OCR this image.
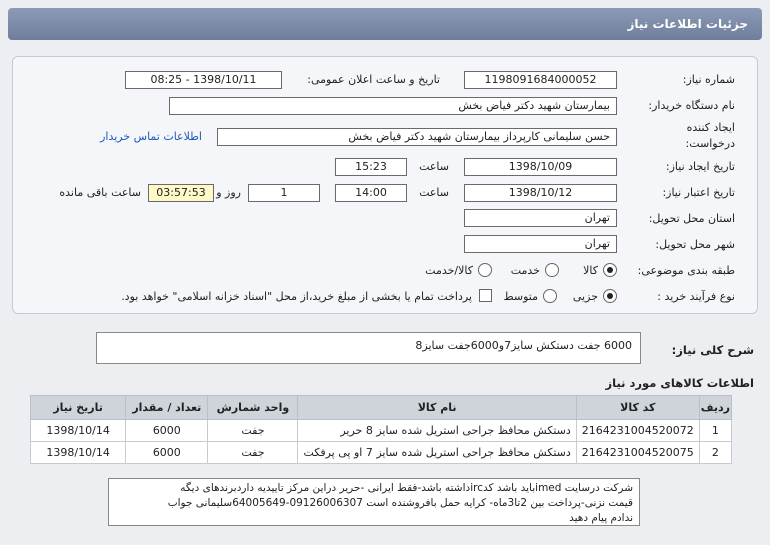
جزئیات اطلاعات نیاز
شماره نیاز:
1198091684000052
تاریخ و ساعت اعلان عمومی:
1398/10/11 - 08:25
نام دستگاه خریدار:
بیمارستان شهید دکتر فیاض بخش
ایجاد کننده
درخواست:
حسن سلیمانی کارپرداز بیمارستان شهید دکتر فیاض بخش
اطلاعات تماس خریدار
تاریخ ایجاد نیاز:
1398/10/09
ساعت
15:23
تاریخ اعتبار نیاز:
1398/10/12
ساعت
14:00
1
روز و
03:57:53
ساعت باقی مانده
استان محل تحویل:
تهران
شهر محل تحویل:
تهران
طبقه بندی موضوعی:
کالا
خدمت
کالا/خدمت
نوع فرآیند خرید :
جزیی
متوسط
پرداخت تمام یا بخشی از مبلغ خرید،از محل "اسناد خزانه اسلامی" خواهد بود.
شرح کلی نیاز:
6000 جفت دستکش سایز7و6000جفت سایز8
اطلاعات کالاهای مورد نیاز
ردیف	کد کالا	نام کالا	واحد شمارش	تعداد / مقدار	تاریخ نیاز
1	2164231004520072	دستکش محافظ جراحی استریل شده سایز 8 حریر	جفت	6000	1398/10/14
2	2164231004520075	دستکش محافظ جراحی استریل شده سایز 7 او پی پرفکت	جفت	6000	1398/10/14
شرکت درسایت imedباید باشد کدircداشته باشد-فقط ایرانی -حریر دراین مرکز تاییدیه داردبرندهای دیگه
قیمت نزنی-پرداخت بین 2تا3ماه- کرایه حمل بافروشنده است 09126006307-64005649سلیمانی جواب
ندادم پیام دهید
